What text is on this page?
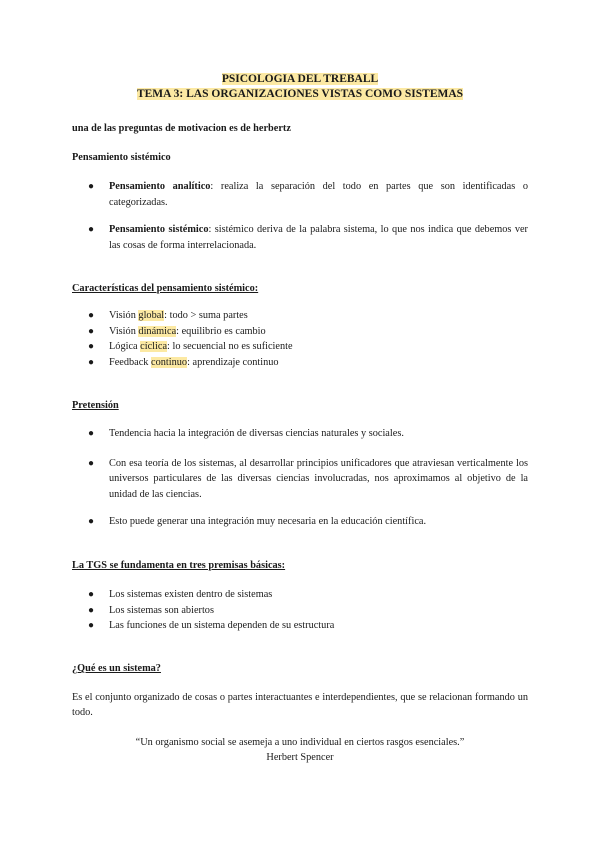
PSICOLOGIA DEL TREBALL
TEMA 3: LAS ORGANIZACIONES VISTAS COMO SISTEMAS
una de las preguntas de motivacion es de herbertz
Pensamiento sistémico
● Pensamiento analítico: realiza la separación del todo en partes que son identificadas o categorizadas.
● Pensamiento sistémico: sistémico deriva de la palabra sistema, lo que nos indica que debemos ver las cosas de forma interrelacionada.
Características del pensamiento sistémico:
● Visión global: todo > suma partes
● Visión dinámica: equilibrio es cambio
● Lógica cíclica: lo secuencial no es suficiente
● Feedback continuo: aprendizaje continuo
Pretensión
● Tendencia hacia la integración de diversas ciencias naturales y sociales.
● Con esa teoría de los sistemas, al desarrollar principios unificadores que atraviesan verticalmente los universos particulares de las diversas ciencias involucradas, nos aproximamos al objetivo de la unidad de las ciencias.
● Esto puede generar una integración muy necesaria en la educación científica.
La TGS se fundamenta en tres premisas básicas:
● Los sistemas existen dentro de sistemas
● Los sistemas son abiertos
● Las funciones de un sistema dependen de su estructura
¿Qué es un sistema?
Es el conjunto organizado de cosas o partes interactuantes e interdependientes, que se relacionan formando un todo.
“Un organismo social se asemeja a uno individual en ciertos rasgos esenciales.”
Herbert Spencer
